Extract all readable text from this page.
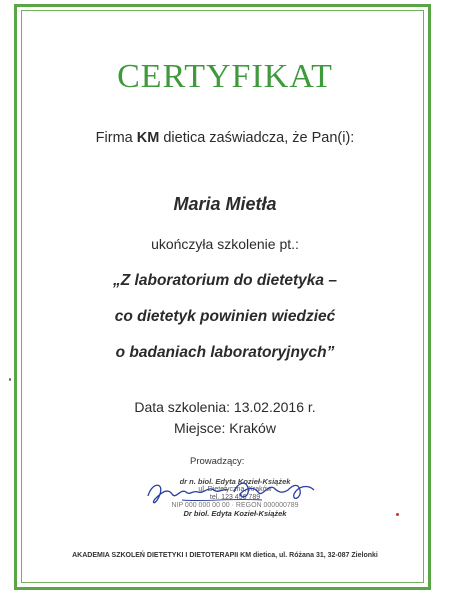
CERTYFIKAT
Firma KM dietica zaświadcza, że Pan(i):
Maria Mietła
ukończyła szkolenie pt.:
„Z laboratorium do dietetyka –
co dietetyk powinien wiedzieć
o badaniach laboratoryjnych”
Data szkolenia: 13.02.2016 r.
Miejsce: Kraków
Prowadzący:
dr n. biol. Edyta Kozieł-Książek
ul. Dietetyczna, Kraków
tel. 123 456 789
NIP 000 000 00 00 · REGON 000000789
Dr biol. Edyta Kozieł-Książek
AKADEMIA SZKOLEŃ DIETETYKI I DIETOTERAPII KM dietica, ul. Różana 31, 32-087 Zielonki
